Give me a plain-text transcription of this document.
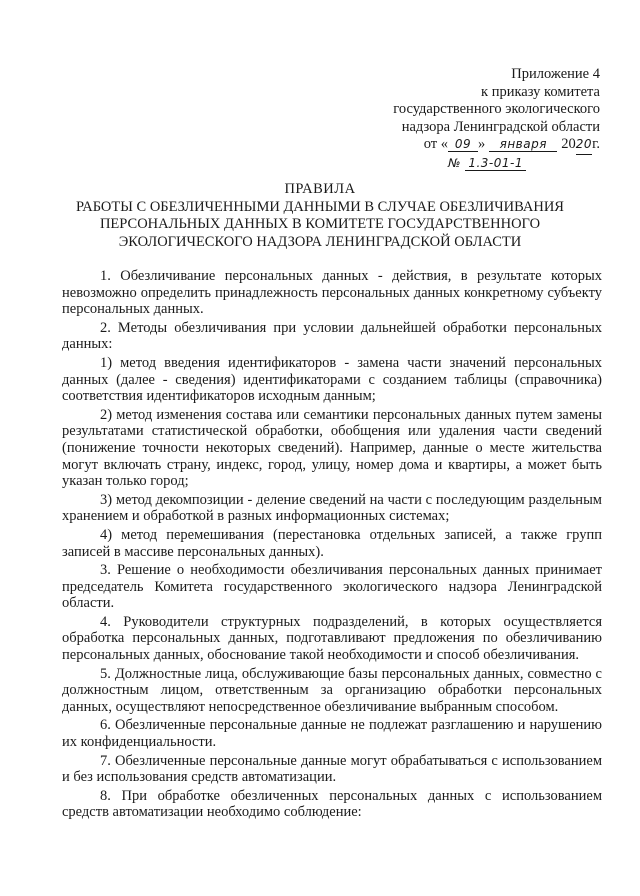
Приложение 4
к приказу комитета
государственного экологического
надзора Ленинградской области
от « 09 » января 2020г.
№ 1.3-01-1
ПРАВИЛА
РАБОТЫ С ОБЕЗЛИЧЕННЫМИ ДАННЫМИ В СЛУЧАЕ ОБЕЗЛИЧИВАНИЯ
ПЕРСОНАЛЬНЫХ ДАННЫХ В КОМИТЕТЕ ГОСУДАРСТВЕННОГО
ЭКОЛОГИЧЕСКОГО НАДЗОРА ЛЕНИНГРАДСКОЙ ОБЛАСТИ

1. Обезличивание персональных данных - действия, в результате которых невозможно определить принадлежность персональных данных конкретному субъекту персональных данных.

2. Методы обезличивания при условии дальнейшей обработки персональных данных:

1) метод введения идентификаторов - замена части значений персональных данных (далее - сведения) идентификаторами с созданием таблицы (справочника) соответствия идентификаторов исходным данным;

2) метод изменения состава или семантики персональных данных путем замены результатами статистической обработки, обобщения или удаления части сведений (понижение точности некоторых сведений). Например, данные о месте жительства могут включать страну, индекс, город, улицу, номер дома и квартиры, а может быть указан только город;

3) метод декомпозиции - деление сведений на части с последующим раздельным хранением и обработкой в разных информационных системах;

4) метод перемешивания (перестановка отдельных записей, а также групп записей в массиве персональных данных).

3. Решение о необходимости обезличивания персональных данных принимает председатель Комитета государственного экологического надзора Ленинградской области.

4. Руководители структурных подразделений, в которых осуществляется обработка персональных данных, подготавливают предложения по обезличиванию персональных данных, обоснование такой необходимости и способ обезличивания.

5. Должностные лица, обслуживающие базы персональных данных, совместно с должностным лицом, ответственным за организацию обработки персональных данных, осуществляют непосредственное обезличивание выбранным способом.

6. Обезличенные персональные данные не подлежат разглашению и нарушению их конфиденциальности.

7. Обезличенные персональные данные могут обрабатываться с использованием и без использования средств автоматизации.

8. При обработке обезличенных персональных данных с использованием средств автоматизации необходимо соблюдение:
